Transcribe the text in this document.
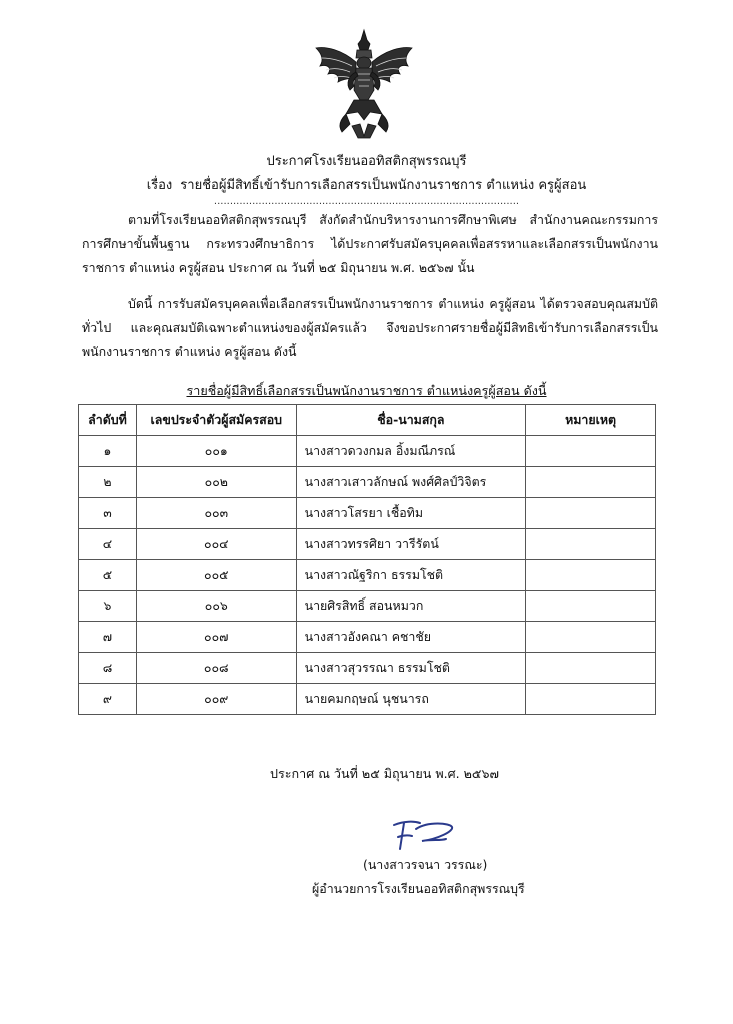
ประกาศโรงเรียนออทิสติกสุพรรณบุรี
เรื่อง รายชื่อผู้มีสิทธิ์เข้ารับการเลือกสรรเป็นพนักงานราชการ ตำแหน่ง ครูผู้สอน
................................................................................................
ตามที่โรงเรียนออทิสติกสุพรรณบุรี สังกัดสำนักบริหารงานการศึกษาพิเศษ สำนักงานคณะกรรมการการศึกษาขั้นพื้นฐาน กระทรวงศึกษาธิการ ได้ประกาศรับสมัครบุคคลเพื่อสรรหาและเลือกสรรเป็นพนักงานราชการ ตำแหน่ง ครูผู้สอน ประกาศ ณ วันที่ ๒๕ มิถุนายน พ.ศ. ๒๕๖๗ นั้น
บัดนี้ การรับสมัครบุคคลเพื่อเลือกสรรเป็นพนักงานราชการ ตำแหน่ง ครูผู้สอน ได้ตรวจสอบคุณสมบัติทั่วไป และคุณสมบัติเฉพาะตำแหน่งของผู้สมัครแล้ว จึงขอประกาศรายชื่อผู้มีสิทธิเข้ารับการเลือกสรรเป็นพนักงานราชการ ตำแหน่ง ครูผู้สอน ดังนี้
รายชื่อผู้มีสิทธิ์เลือกสรรเป็นพนักงานราชการ ตำแหน่งครูผู้สอน ดังนี้
ลำดับที่	เลขประจำตัวผู้สมัครสอบ	ชื่อ-นามสกุล	หมายเหตุ
๑	๐๐๑	นางสาวดวงกมล อิ้งมณีภรณ์	
๒	๐๐๒	นางสาวเสาวลักษณ์ พงศ์ศิลป์วิจิตร	
๓	๐๐๓	นางสาวโสรยา เชื้อทิม	
๔	๐๐๔	นางสาวทรรศิยา วารีรัตน์	
๕	๐๐๕	นางสาวณัฐริกา ธรรมโชติ	
๖	๐๐๖	นายศิรสิทธิ์ สอนหมวก	
๗	๐๐๗	นางสาวอังคณา คชาชัย	
๘	๐๐๘	นางสาวสุวรรณา ธรรมโชติ	
๙	๐๐๙	นายคมกฤษณ์ นุชนารถ	
ประกาศ ณ วันที่ ๒๕ มิถุนายน พ.ศ. ๒๕๖๗
(นางสาวรจนา วรรณะ)
ผู้อำนวยการโรงเรียนออทิสติกสุพรรณบุรี
